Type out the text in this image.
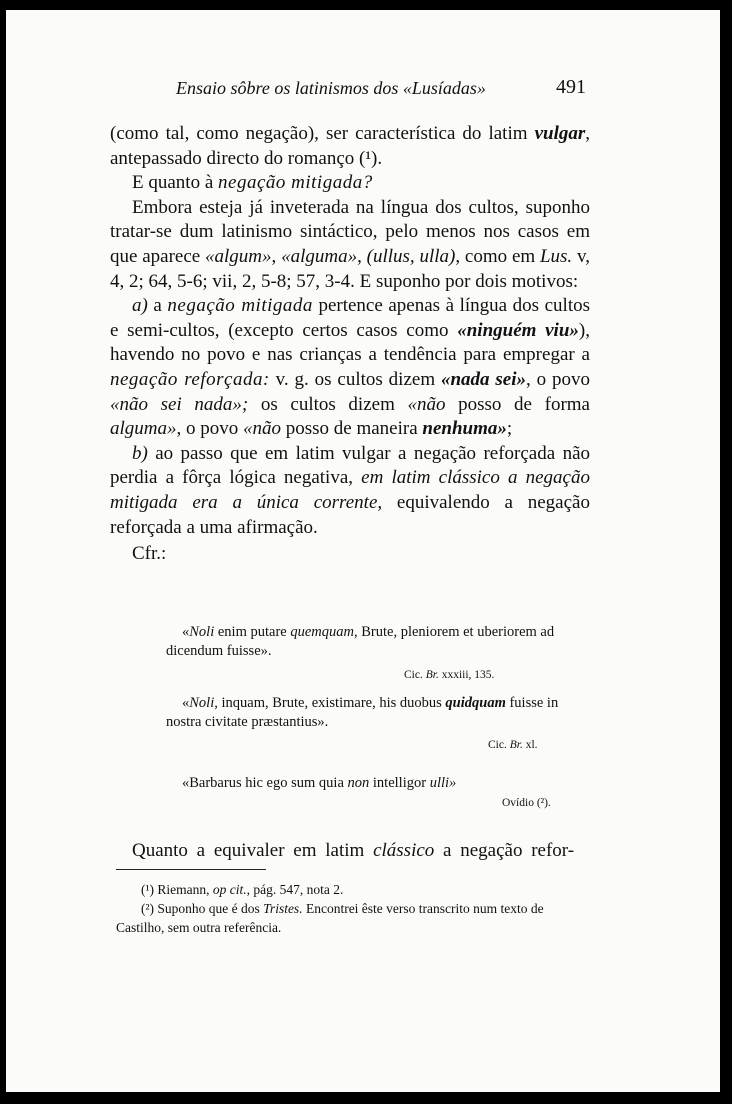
Ensaio sôbre os latinismos dos «Lusíadas»	491

(como tal, como negação), ser característica do latim vulgar, antepassado directo do romanço (¹).

E quanto à negação mitigada?

Embora esteja já inveterada na língua dos cultos, suponho tratar-se dum latinismo sintáctico, pelo menos nos casos em que aparece «algum», «alguma», (ullus, ulla), como em Lus. v, 4, 2; 64, 5-6; vii, 2, 5-8; 57, 3-4. E suponho por dois motivos:

a) a negação mitigada pertence apenas à língua dos cultos e semi-cultos, (excepto certos casos como «ninguém viu»), havendo no povo e nas crianças a tendência para empregar a negação reforçada: v. g. os cultos dizem «nada sei», o povo «não sei nada»; os cultos dizem «não posso de forma alguma», o povo «não posso de maneira nenhuma»;

b) ao passo que em latim vulgar a negação reforçada não perdia a fôrça lógica negativa, em latim clássico a negação mitigada era a única corrente, equivalendo a negação reforçada a uma afirmação.

Cfr.:

«Noli enim putare quemquam, Brute, pleniorem et uberiorem ad dicendum fuisse».
Cic. Br. xxxiii, 135.
«Noli, inquam, Brute, existimare, his duobus quidquam fuisse in nostra civitate præstantius».
Cic. Br. xl.
«Barbarus hic ego sum quia non intelligor ulli»
Ovídio (²).
Quanto a equivaler em latim clássico a negação refor-

(¹) Riemann, op cit., pág. 547, nota 2.

(²) Suponho que é dos Tristes. Encontrei êste verso transcrito num texto de Castilho, sem outra referência.
